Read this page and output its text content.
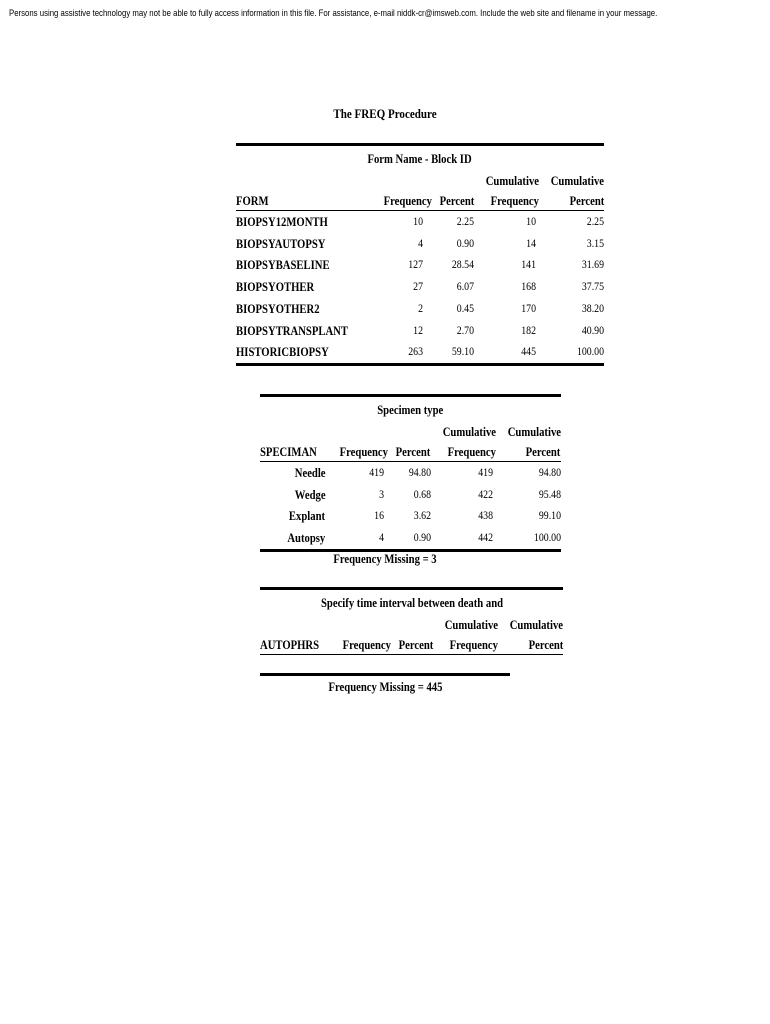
Persons using assistive technology may not be able to fully access information in this file. For assistance, e-mail niddk-cr@imsweb.com. Include the web site and filename in your message.
The FREQ Procedure
Form Name - Block ID				
			Cumulative	Cumulative
FORM	Frequency	Percent	Frequency	Percent
BIOPSY12MONTH	10	2.25	10	2.25
BIOPSYAUTOPSY	4	0.90	14	3.15
BIOPSYBASELINE	127	28.54	141	31.69
BIOPSYOTHER	27	6.07	168	37.75
BIOPSYOTHER2	2	0.45	170	38.20
BIOPSYTRANSPLANT	12	2.70	182	40.90
HISTORICBIOPSY	263	59.10	445	100.00
Specimen type				
			Cumulative	Cumulative
SPECIMAN	Frequency	Percent	Frequency	Percent
Needle	419	94.80	419	94.80
Wedge	3	0.68	422	95.48
Explant	16	3.62	438	99.10
Autopsy	4	0.90	442	100.00
Frequency Missing = 3
Specify time interval between death and				
			Cumulative	Cumulative
AUTOPHRS	Frequency	Percent	Frequency	Percent
Frequency Missing = 445
